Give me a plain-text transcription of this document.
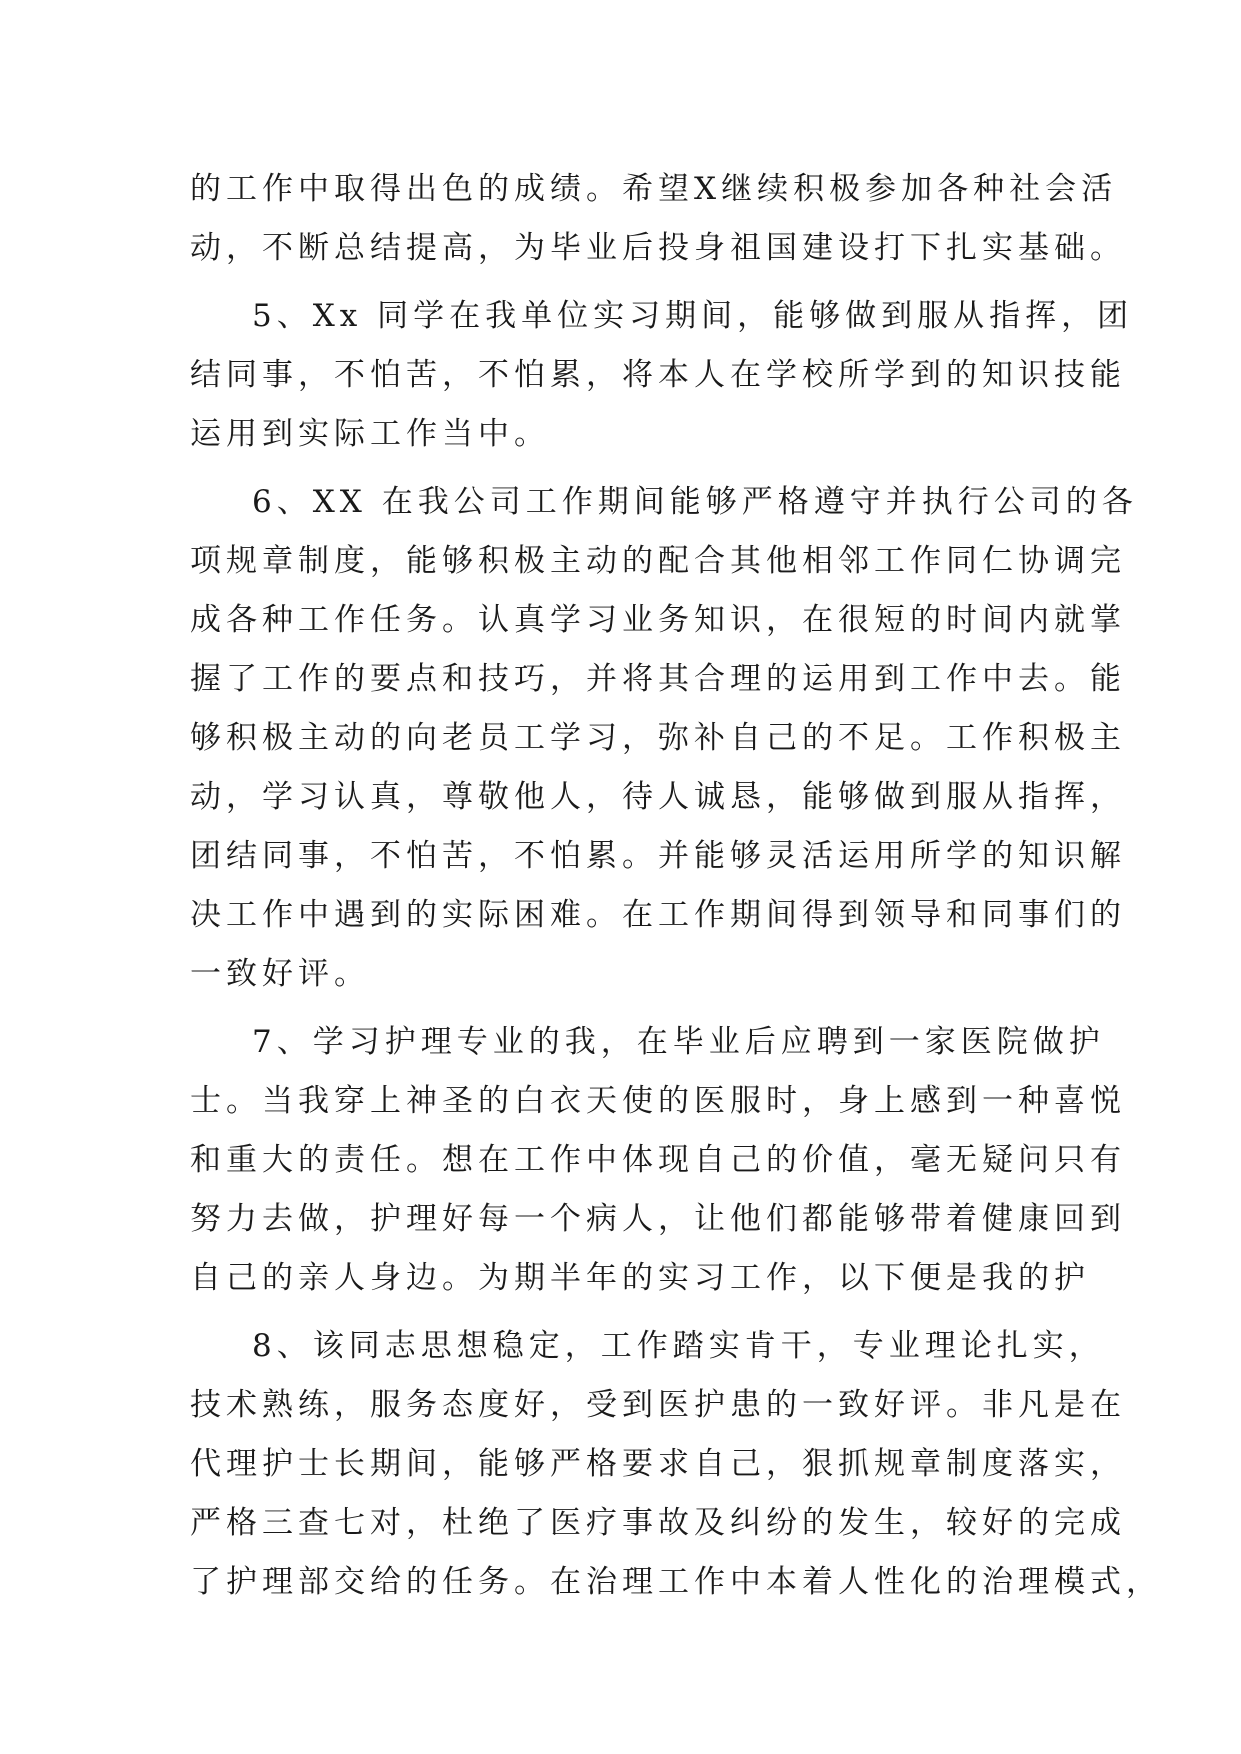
的工作中取得出色的成绩。希望X继续积极参加各种社会活
动，不断总结提高，为毕业后投身祖国建设打下扎实基础。
5、Xx 同学在我单位实习期间，能够做到服从指挥，团
结同事，不怕苦，不怕累，将本人在学校所学到的知识技能
运用到实际工作当中。
6、XX 在我公司工作期间能够严格遵守并执行公司的各
项规章制度，能够积极主动的配合其他相邻工作同仁协调完
成各种工作任务。认真学习业务知识，在很短的时间内就掌
握了工作的要点和技巧，并将其合理的运用到工作中去。能
够积极主动的向老员工学习，弥补自己的不足。工作积极主
动，学习认真，尊敬他人，待人诚恳，能够做到服从指挥，
团结同事，不怕苦，不怕累。并能够灵活运用所学的知识解
决工作中遇到的实际困难。在工作期间得到领导和同事们的
一致好评。
7、学习护理专业的我，在毕业后应聘到一家医院做护
士。当我穿上神圣的白衣天使的医服时，身上感到一种喜悦
和重大的责任。想在工作中体现自己的价值，毫无疑问只有
努力去做，护理好每一个病人，让他们都能够带着健康回到
自己的亲人身边。为期半年的实习工作，以下便是我的护
8、该同志思想稳定，工作踏实肯干，专业理论扎实，
技术熟练，服务态度好，受到医护患的一致好评。非凡是在
代理护士长期间，能够严格要求自己，狠抓规章制度落实，
严格三查七对，杜绝了医疗事故及纠纷的发生，较好的完成
了护理部交给的任务。在治理工作中本着人性化的治理模式，
